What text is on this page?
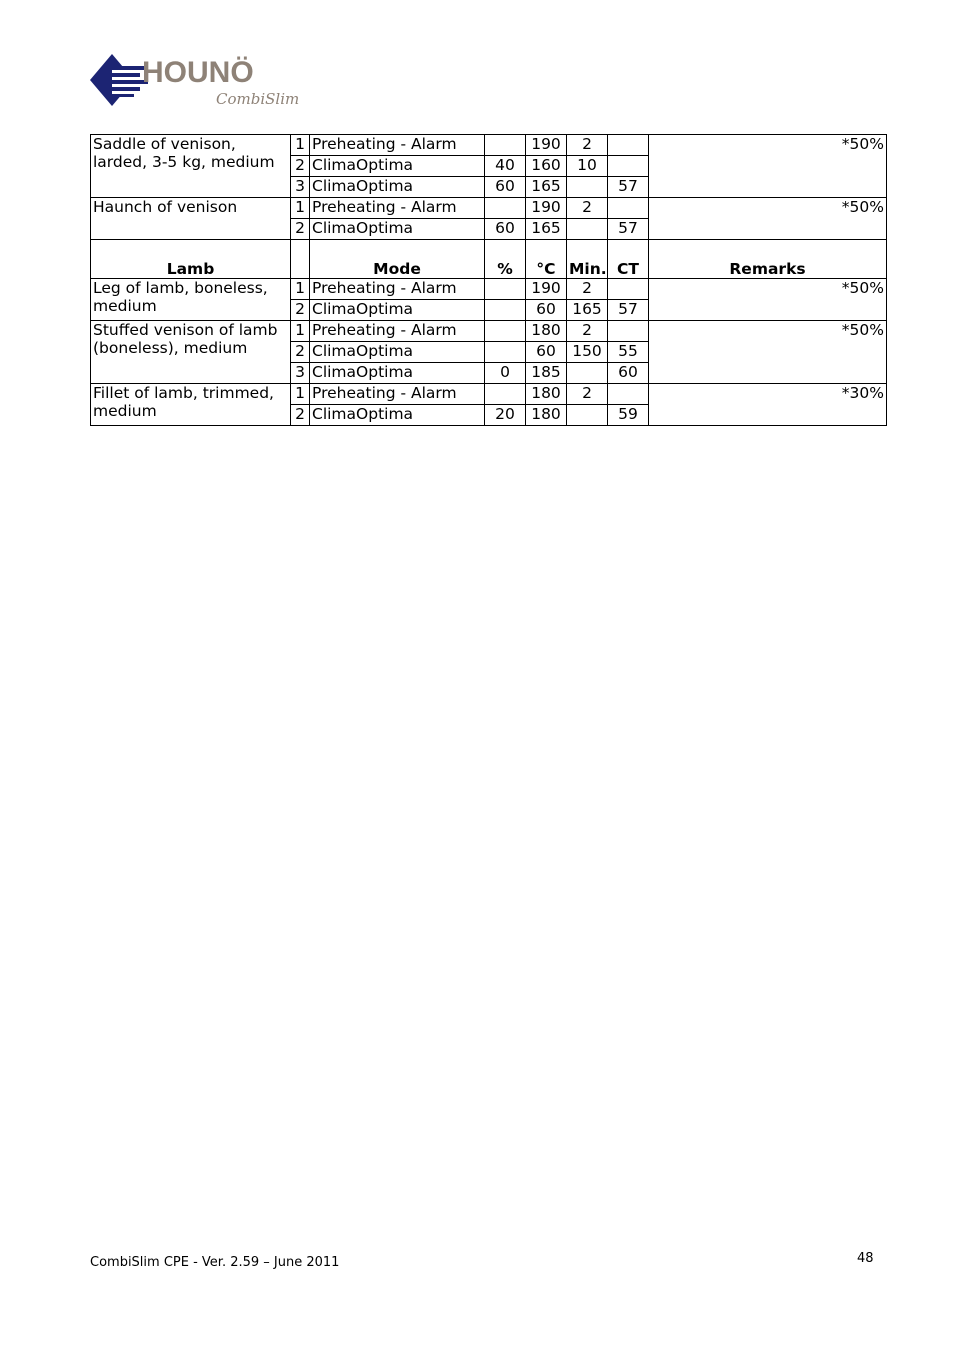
HOUNÖ
CombiSlim
Saddle of venison, larded, 3-5 kg, medium	1	Preheating - Alarm		190	2		*50%
	2	ClimaOptima	40	160	10		
	3	ClimaOptima	60	165		57	
Haunch of venison	1	Preheating - Alarm		190	2		*50%
	2	ClimaOptima	60	165		57	
Lamb		Mode	%	°C	Min.	CT	Remarks
Leg of lamb, boneless, medium	1	Preheating - Alarm		190	2		*50%
	2	ClimaOptima		60	165	57	
Stuffed venison of lamb (boneless), medium	1	Preheating - Alarm		180	2		*50%
	2	ClimaOptima		60	150	55	
	3	ClimaOptima	0	185		60	
Fillet of lamb, trimmed, medium	1	Preheating - Alarm		180	2		*30%
	2	ClimaOptima	20	180		59	
CombiSlim CPE - Ver. 2.59 – June 2011	48
